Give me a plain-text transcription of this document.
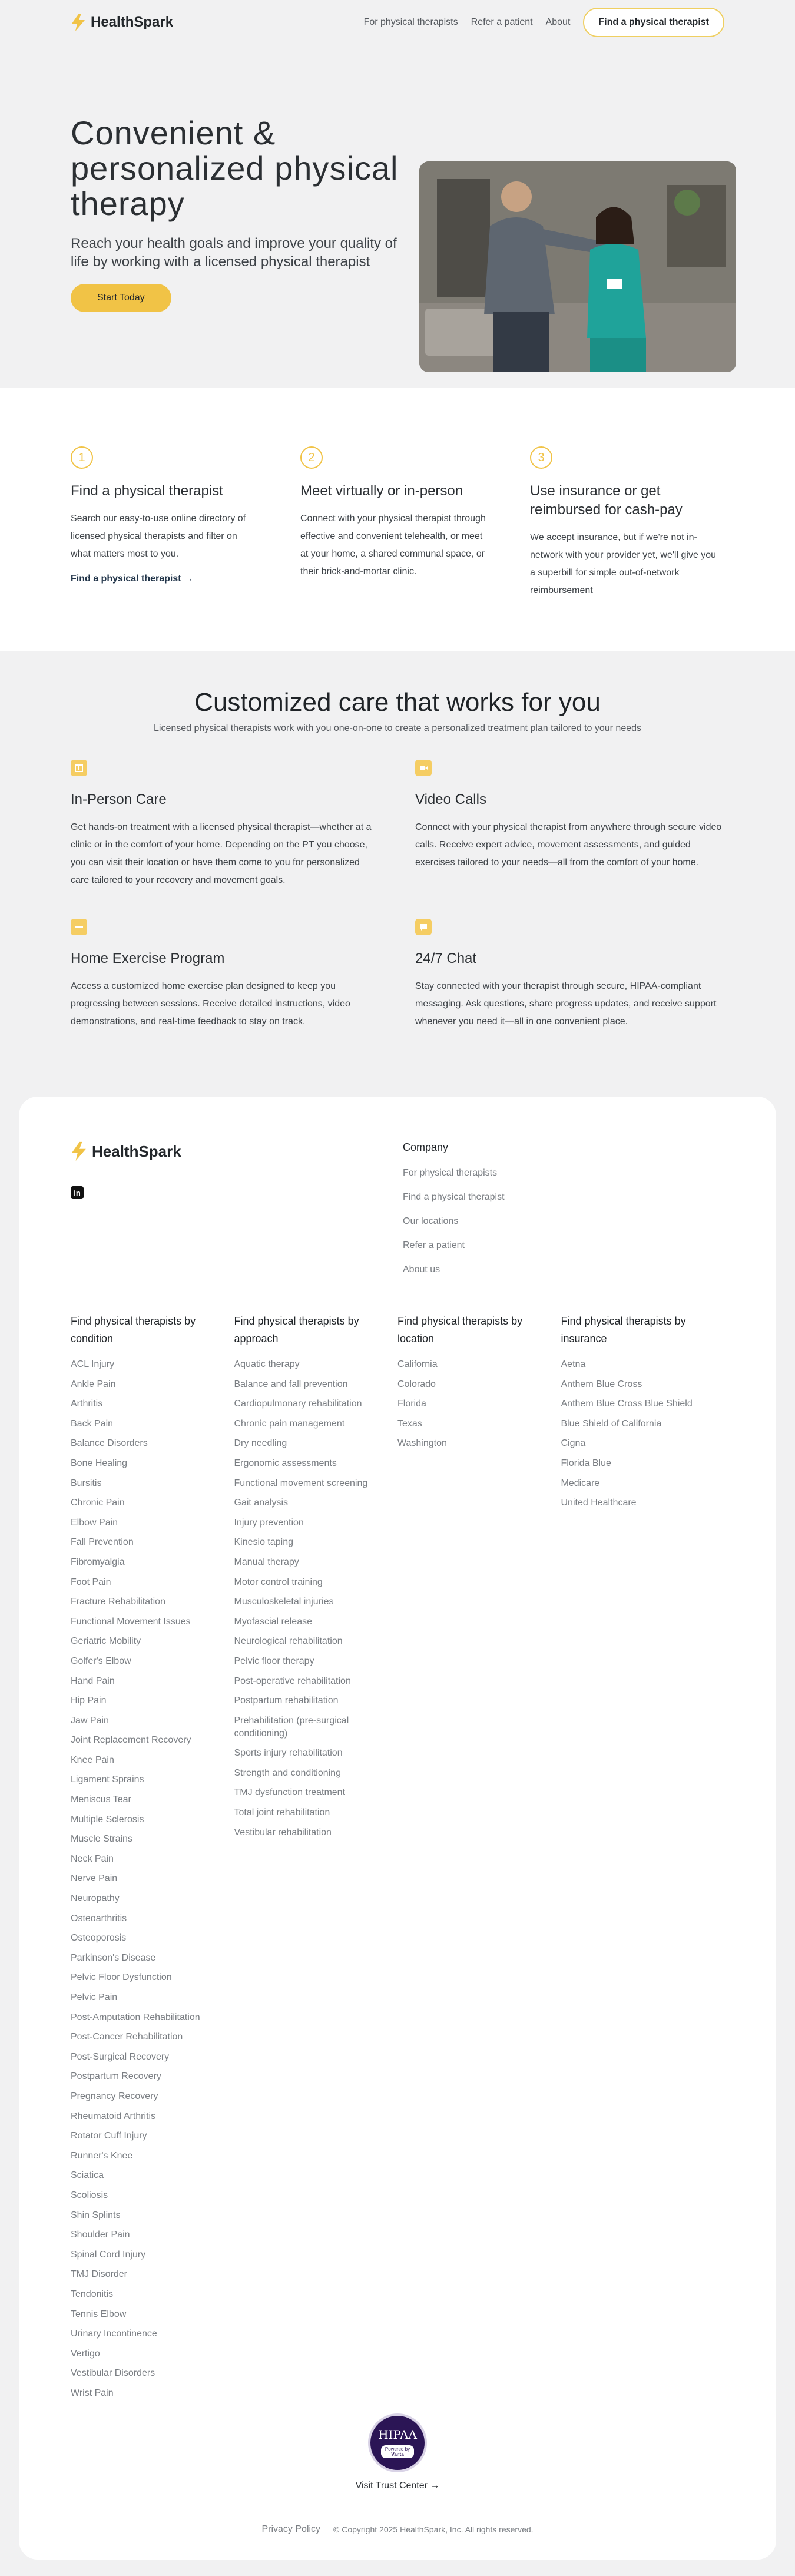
HealthSpark	For physical therapists Refer a patient About	Find a physical therapist
Convenient & personalized physical therapy

Reach your health goals and improve your quality of life by working with a licensed physical therapist

Start Today
1
Find a physical therapist

Search our easy-to-use online directory of licensed physical therapists and filter on what matters most to you.

Find a physical therapist →
2
Meet virtually or in-person

Connect with your physical therapist through effective and convenient telehealth, or meet at your home, a shared communal space, or their brick-and-mortar clinic.

3
Use insurance or get reimbursed for cash-pay

We accept insurance, but if we're not in-network with your provider yet, we'll give you a superbill for simple out-of-network reimbursement

Customized care that works for you

Licensed physical therapists work with you one-on-one to create a personalized treatment plan tailored to your needs

In-Person Care

Get hands-on treatment with a licensed physical therapist—whether at a clinic or in the comfort of your home. Depending on the PT you choose, you can visit their location or have them come to you for personalized care tailored to your recovery and movement goals.

Video Calls

Connect with your physical therapist from anywhere through secure video calls. Receive expert advice, movement assessments, and guided exercises tailored to your needs—all from the comfort of your home.

Home Exercise Program

Access a customized home exercise plan designed to keep you progressing between sessions. Receive detailed instructions, video demonstrations, and real-time feedback to stay on track.

24/7 Chat

Stay connected with your therapist through secure, HIPAA-compliant messaging. Ask questions, share progress updates, and receive support whenever you need it—all in one convenient place.

HealthSpark
in
Company
For physical therapists
Find a physical therapist
Our locations
Refer a patient
About us
Find physical therapists by condition
ACL Injury
Ankle Pain
Arthritis
Back Pain
Balance Disorders
Bone Healing
Bursitis
Chronic Pain
Elbow Pain
Fall Prevention
Fibromyalgia
Foot Pain
Fracture Rehabilitation
Functional Movement Issues
Geriatric Mobility
Golfer's Elbow
Hand Pain
Hip Pain
Jaw Pain
Joint Replacement Recovery
Knee Pain
Ligament Sprains
Meniscus Tear
Multiple Sclerosis
Muscle Strains
Neck Pain
Nerve Pain
Neuropathy
Osteoarthritis
Osteoporosis
Parkinson's Disease
Pelvic Floor Dysfunction
Pelvic Pain
Post-Amputation Rehabilitation
Post-Cancer Rehabilitation
Post-Surgical Recovery
Postpartum Recovery
Pregnancy Recovery
Rheumatoid Arthritis
Rotator Cuff Injury
Runner's Knee
Sciatica
Scoliosis
Shin Splints
Shoulder Pain
Spinal Cord Injury
TMJ Disorder
Tendonitis
Tennis Elbow
Urinary Incontinence
Vertigo
Vestibular Disorders
Wrist Pain
Find physical therapists by approach
Aquatic therapy
Balance and fall prevention
Cardiopulmonary rehabilitation
Chronic pain management
Dry needling
Ergonomic assessments
Functional movement screening
Gait analysis
Injury prevention
Kinesio taping
Manual therapy
Motor control training
Musculoskeletal injuries
Myofascial release
Neurological rehabilitation
Pelvic floor therapy
Post-operative rehabilitation
Postpartum rehabilitation
Prehabilitation (pre-surgical conditioning)
Sports injury rehabilitation
Strength and conditioning
TMJ dysfunction treatment
Total joint rehabilitation
Vestibular rehabilitation
Find physical therapists by location
California
Colorado
Florida
Texas
Washington
Find physical therapists by insurance
Aetna
Anthem Blue Cross
Anthem Blue Cross Blue Shield
Blue Shield of California
Cigna
Florida Blue
Medicare
United Healthcare
HIPAA
Powered by
Vanta
Visit Trust Center →
Privacy Policy © Copyright 2025 HealthSpark, Inc. All rights reserved.
